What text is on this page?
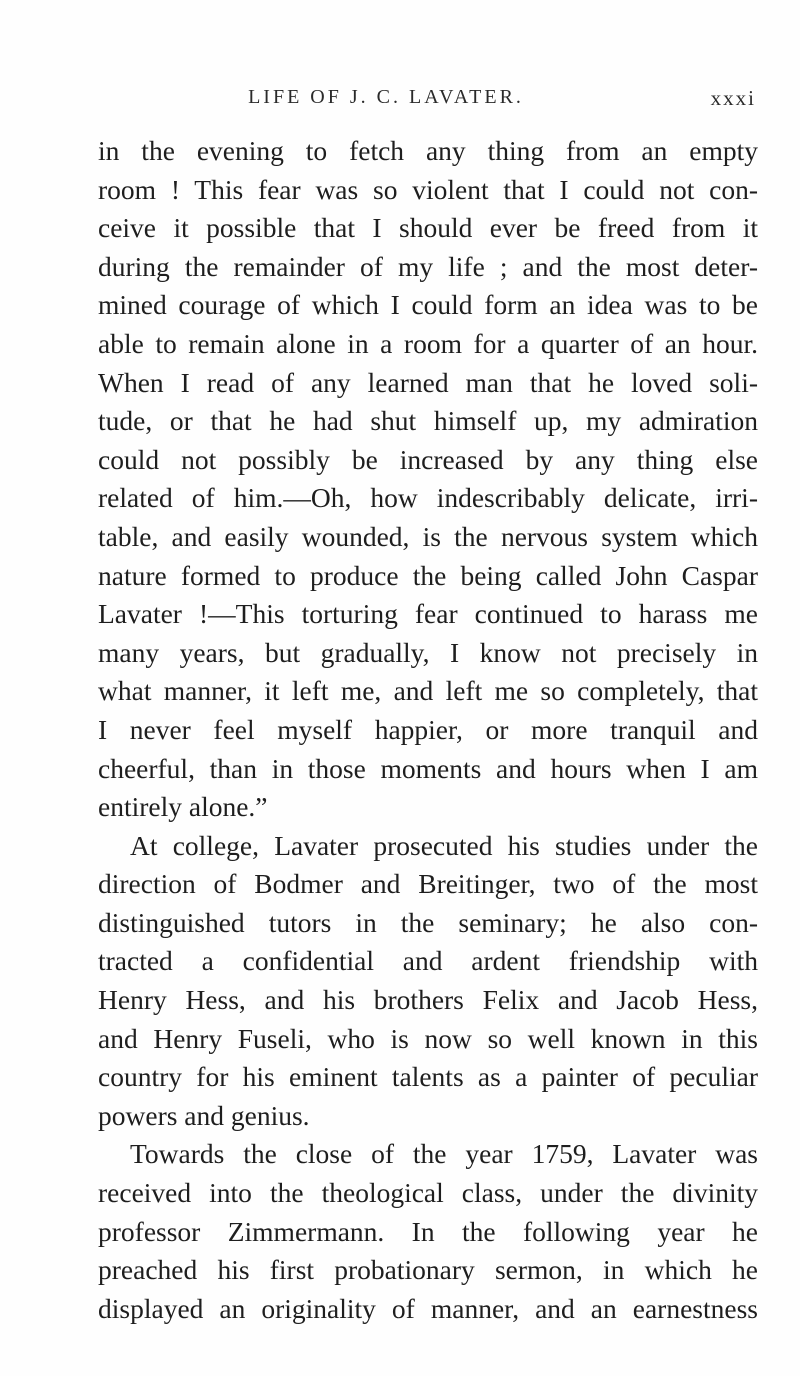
LIFE OF J. C. LAVATER.	xxxi
in the evening to fetch any thing from an empty
room ! This fear was so violent that I could not con-
ceive it possible that I should ever be freed from it
during the remainder of my life ; and the most deter-
mined courage of which I could form an idea was to be
able to remain alone in a room for a quarter of an hour.
When I read of any learned man that he loved soli-
tude, or that he had shut himself up, my admiration
could not possibly be increased by any thing else
related of him.—Oh, how indescribably delicate, irri-
table, and easily wounded, is the nervous system which
nature formed to produce the being called John Caspar
Lavater !—This torturing fear continued to harass me
many years, but gradually, I know not precisely in
what manner, it left me, and left me so completely, that
I never feel myself happier, or more tranquil and
cheerful, than in those moments and hours when I am
entirely alone.”
At college, Lavater prosecuted his studies under the
direction of Bodmer and Breitinger, two of the most
distinguished tutors in the seminary; he also con-
tracted a confidential and ardent friendship with
Henry Hess, and his brothers Felix and Jacob Hess,
and Henry Fuseli, who is now so well known in this
country for his eminent talents as a painter of peculiar
powers and genius.
Towards the close of the year 1759, Lavater was
received into the theological class, under the divinity
professor Zimmermann. In the following year he
preached his first probationary sermon, in which he
displayed an originality of manner, and an earnestness
